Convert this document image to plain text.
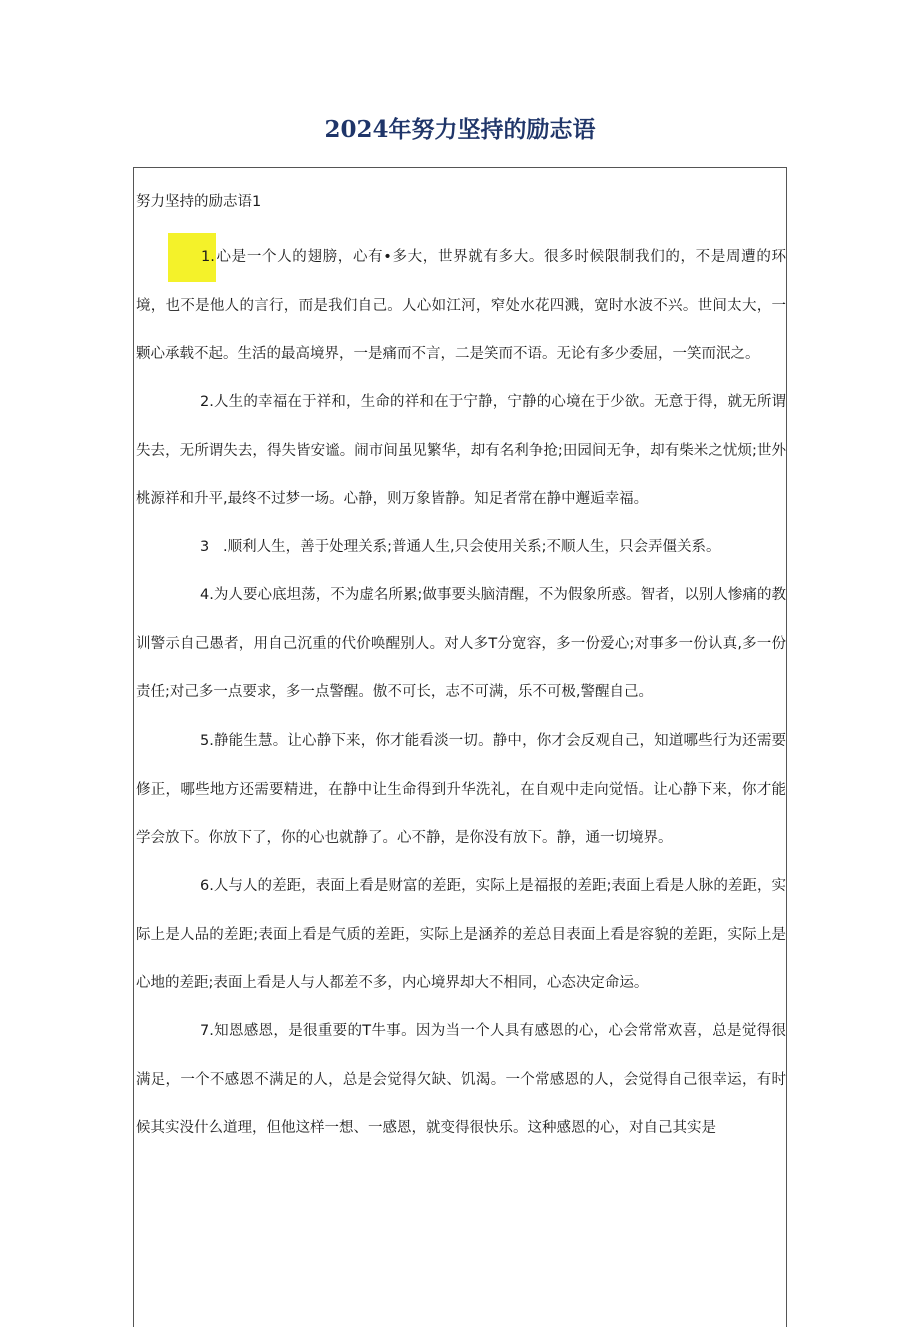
2024年努力坚持的励志语

努力坚持的励志语1

1.心是一个人的翅膀，心有•多大，世界就有多大。很多时候限制我们的，不是周遭的环境，也不是他人的言行，而是我们自己。人心如江河，窄处水花四溅，宽时水波不兴。世间太大，一颗心承载不起。生活的最高境界，一是痛而不言，二是笑而不语。无论有多少委屈，一笑而泯之。

2.人生的幸福在于祥和，生命的祥和在于宁静，宁静的心境在于少欲。无意于得，就无所谓失去，无所谓失去，得失皆安谧。闹市间虽见繁华，却有名利争抢;田园间无争，却有柴米之忧烦;世外桃源祥和升平,最终不过梦一场。心静，则万象皆静。知足者常在静中邂逅幸福。

3   .顺利人生，善于处理关系;普通人生,只会使用关系;不顺人生，只会弄僵关系。

4.为人要心底坦荡，不为虚名所累;做事要头脑清醒，不为假象所惑。智者，以别人惨痛的教训警示自己愚者，用自己沉重的代价唤醒别人。对人多T分宽容，多一份爱心;对事多一份认真,多一份责任;对己多一点要求，多一点警醒。傲不可长，志不可满，乐不可极,警醒自己。

5.静能生慧。让心静下来，你才能看淡一切。静中，你才会反观自己，知道哪些行为还需要修正，哪些地方还需要精进，在静中让生命得到升华洗礼，在自观中走向觉悟。让心静下来，你才能学会放下。你放下了，你的心也就静了。心不静，是你没有放下。静，通一切境界。

6.人与人的差距，表面上看是财富的差距，实际上是福报的差距;表面上看是人脉的差距，实际上是人品的差距;表面上看是气质的差距，实际上是涵养的差总目表面上看是容貌的差距，实际上是心地的差距;表面上看是人与人都差不多，内心境界却大不相同，心态决定命运。

7.知恩感恩，是很重要的T牛事。因为当一个人具有感恩的心，心会常常欢喜，总是觉得很满足，一个不感恩不满足的人，总是会觉得欠缺、饥渴。一个常感恩的人，会觉得自己很幸运，有时候其实没什么道理，但他这样一想、一感恩，就变得很快乐。这种感恩的心，对自己其实是
